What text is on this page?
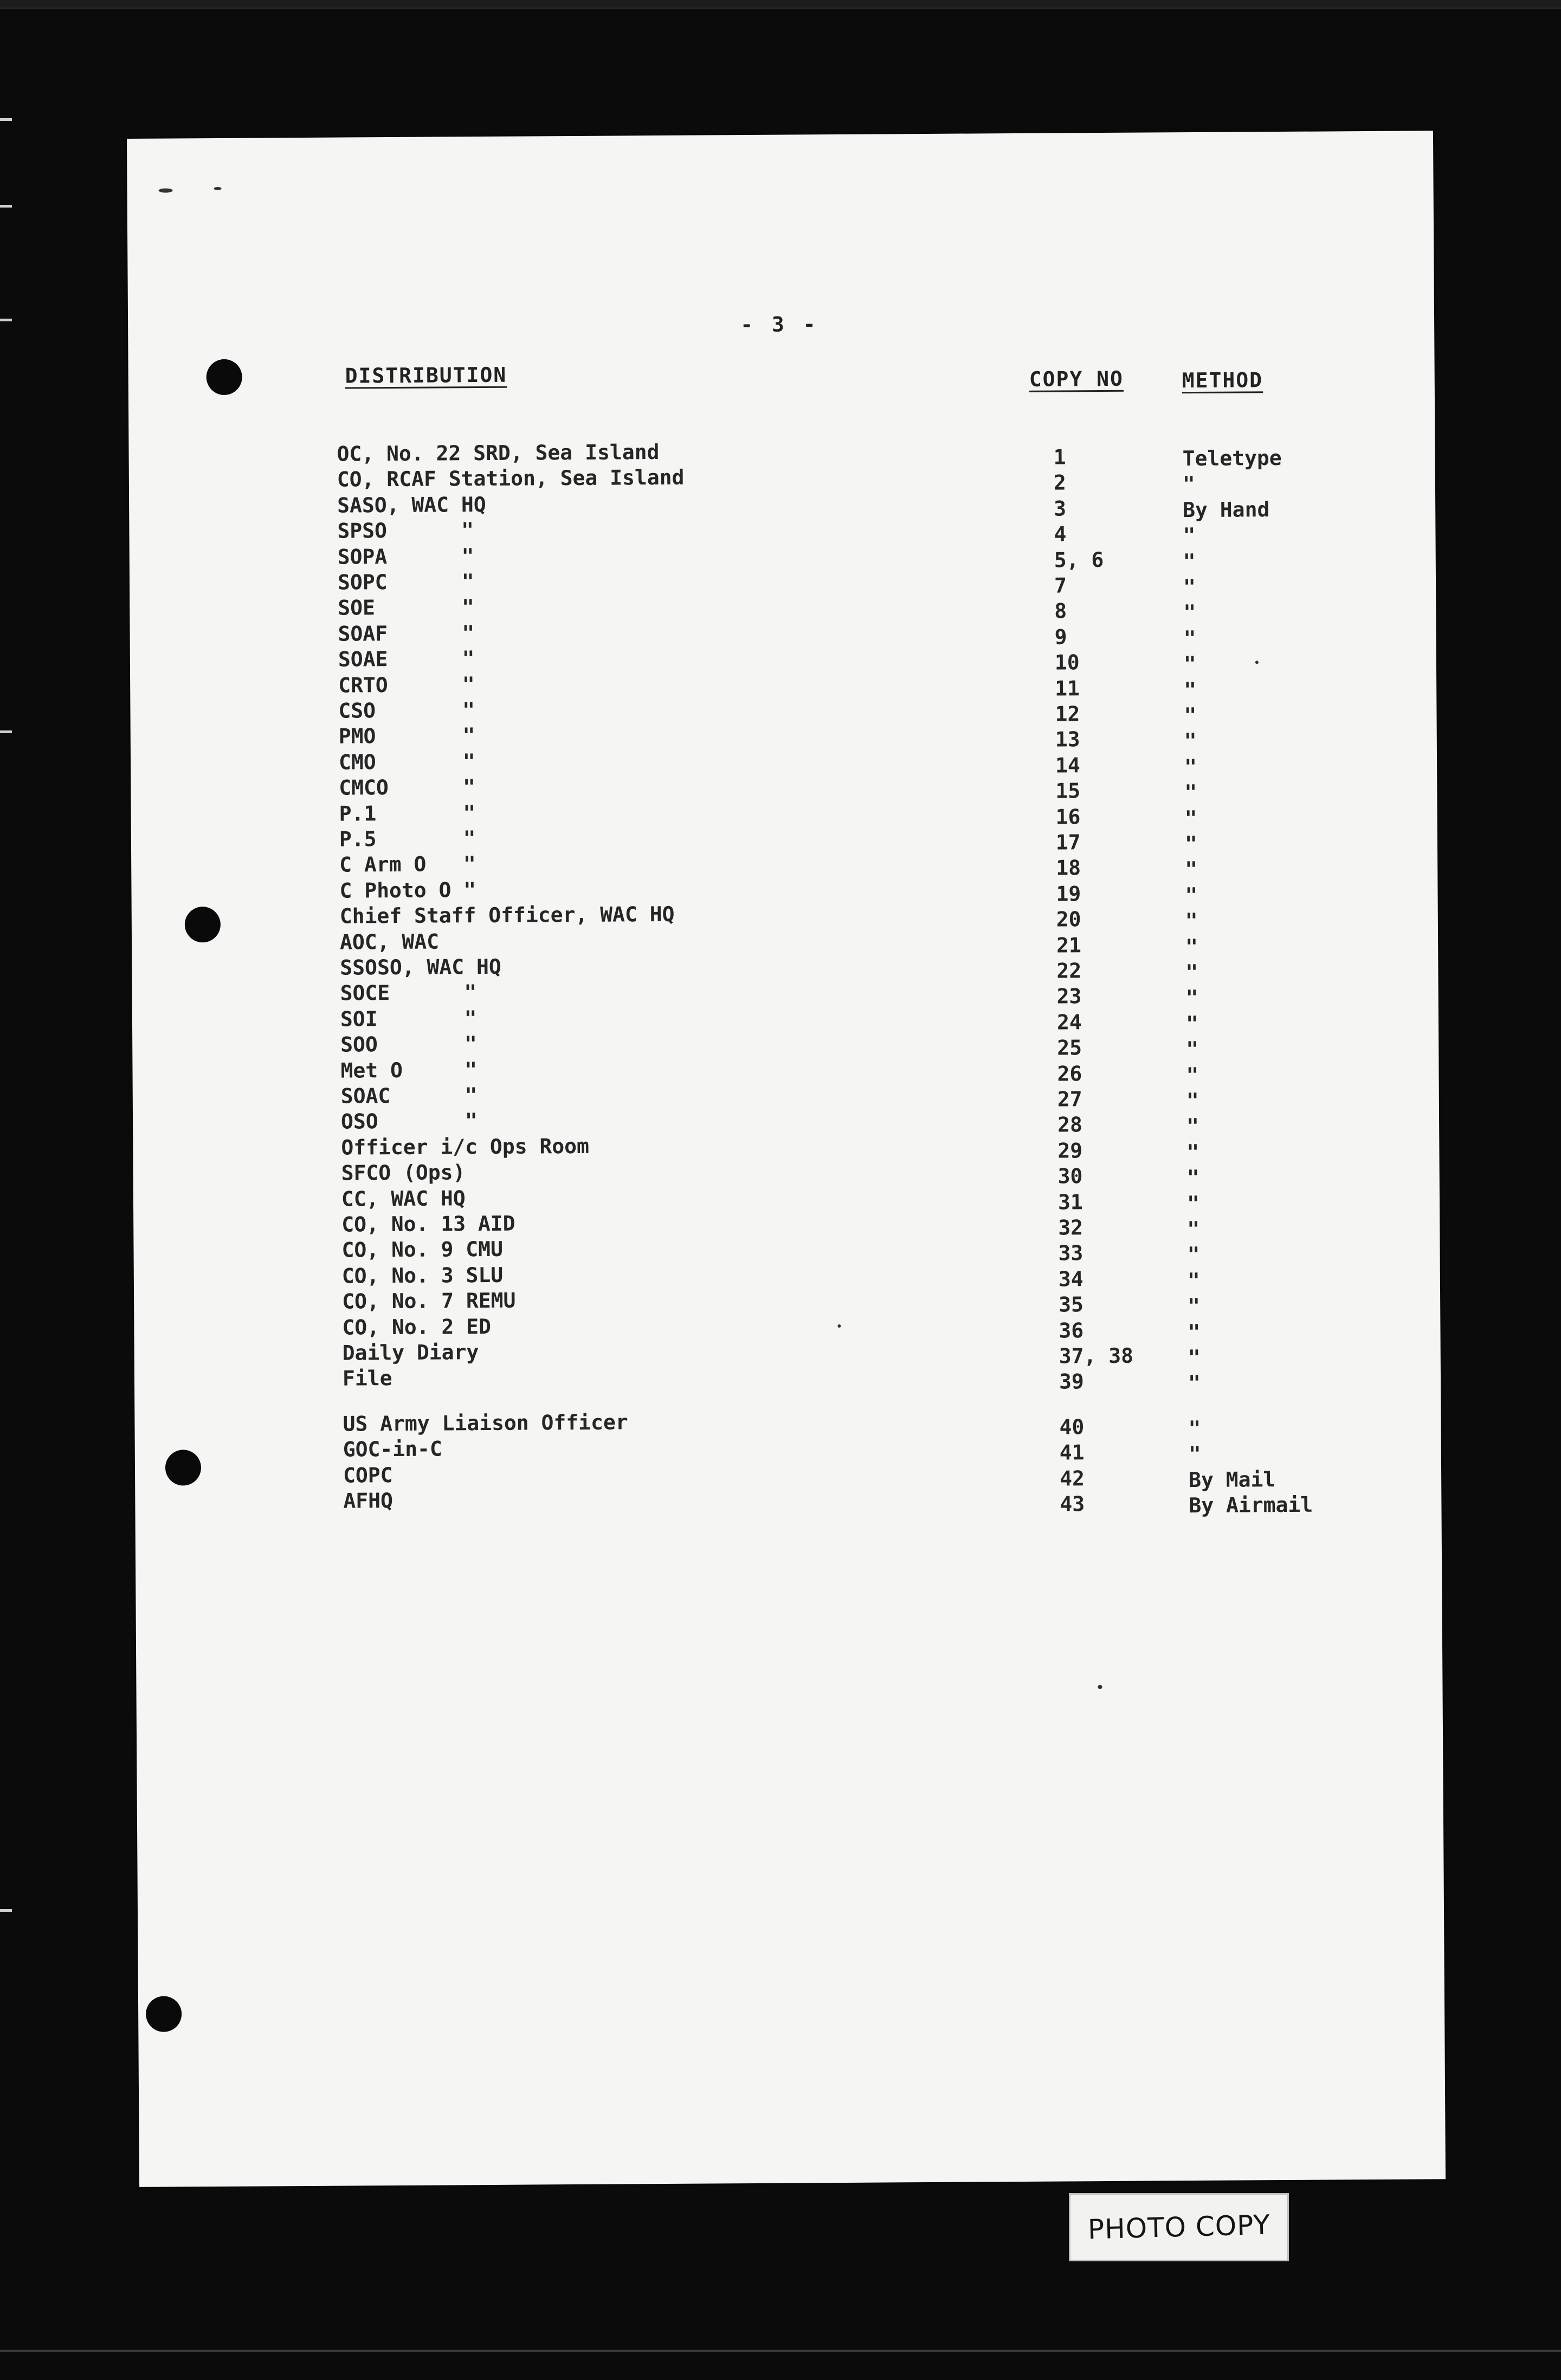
- 3 -
DISTRIBUTION	COPY NO	METHOD
OC, No. 22 SRD, Sea Island
CO, RCAF Station, Sea Island
SASO, WAC HQ
SPSO      "
SOPA      "
SOPC      "
SOE       "
SOAF      "
SOAE      "
CRTO      "
CSO       "
PMO       "
CMO       "
CMCO      "
P.1       "
P.5       "
C Arm O   "
C Photo O "
Chief Staff Officer, WAC HQ
AOC, WAC
SSOSO, WAC HQ
SOCE      "
SOI       "
SOO       "
Met O     "
SOAC      "
OSO       "
Officer i/c Ops Room
SFCO (Ops)
CC, WAC HQ
CO, No. 13 AID
CO, No. 9 CMU
CO, No. 3 SLU
CO, No. 7 REMU
CO, No. 2 ED
Daily Diary
File
US Army Liaison Officer
GOC-in-C
COPC
AFHQ
1
2
3
4
5, 6
7
8
9
10
11
12
13
14
15
16
17
18
19
20
21
22
23
24
25
26
27
28
29
30
31
32
33
34
35
36
37, 38
39
40
41
42
43
Teletype
"
By Hand
"
"
"
"
"
"
"
"
"
"
"
"
"
"
"
"
"
"
"
"
"
"
"
"
"
"
"
"
"
"
"
"
"
"
"
"
By Mail
By Airmail
PHOTO COPY
